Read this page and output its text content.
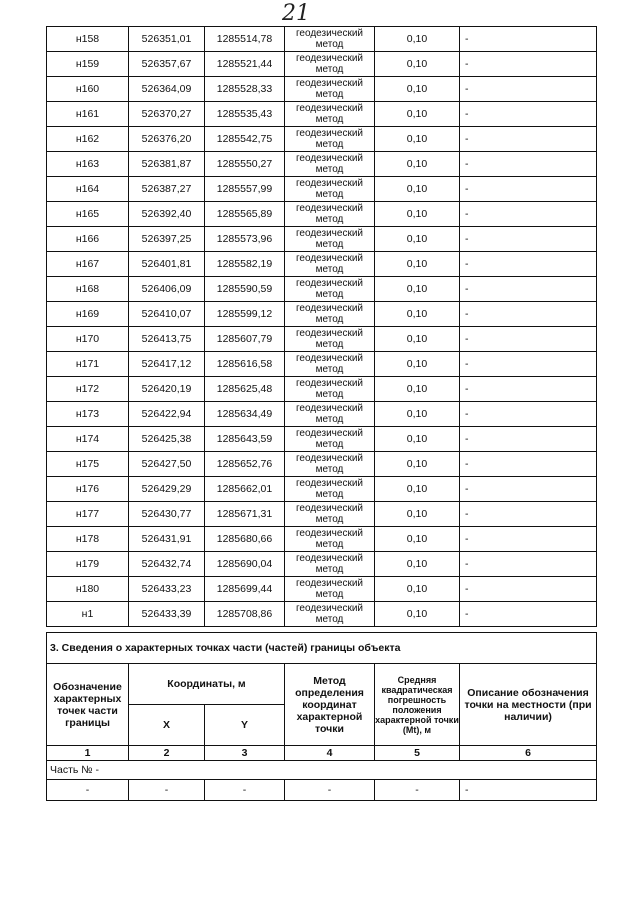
21
н158	526351,01	1285514,78	геодезический метод	0,10	-
н159	526357,67	1285521,44	геодезический метод	0,10	-
н160	526364,09	1285528,33	геодезический метод	0,10	-
н161	526370,27	1285535,43	геодезический метод	0,10	-
н162	526376,20	1285542,75	геодезический метод	0,10	-
н163	526381,87	1285550,27	геодезический метод	0,10	-
н164	526387,27	1285557,99	геодезический метод	0,10	-
н165	526392,40	1285565,89	геодезический метод	0,10	-
н166	526397,25	1285573,96	геодезический метод	0,10	-
н167	526401,81	1285582,19	геодезический метод	0,10	-
н168	526406,09	1285590,59	геодезический метод	0,10	-
н169	526410,07	1285599,12	геодезический метод	0,10	-
н170	526413,75	1285607,79	геодезический метод	0,10	-
н171	526417,12	1285616,58	геодезический метод	0,10	-
н172	526420,19	1285625,48	геодезический метод	0,10	-
н173	526422,94	1285634,49	геодезический метод	0,10	-
н174	526425,38	1285643,59	геодезический метод	0,10	-
н175	526427,50	1285652,76	геодезический метод	0,10	-
н176	526429,29	1285662,01	геодезический метод	0,10	-
н177	526430,77	1285671,31	геодезический метод	0,10	-
н178	526431,91	1285680,66	геодезический метод	0,10	-
н179	526432,74	1285690,04	геодезический метод	0,10	-
н180	526433,23	1285699,44	геодезический метод	0,10	-
н1	526433,39	1285708,86	геодезический метод	0,10	-
3. Сведения о характерных точках части (частей) границы объекта					
Обозначение характерных точек части границы	Координаты, м		Метод определения координат характерной точки	Средняя квадратическая погрешность положения характерной точки (Mt), м	Описание обозначения точки на местности (при наличии)
	X	Y			
1	2	3	4	5	6
Часть № -					
-	-	-	-	-	-
